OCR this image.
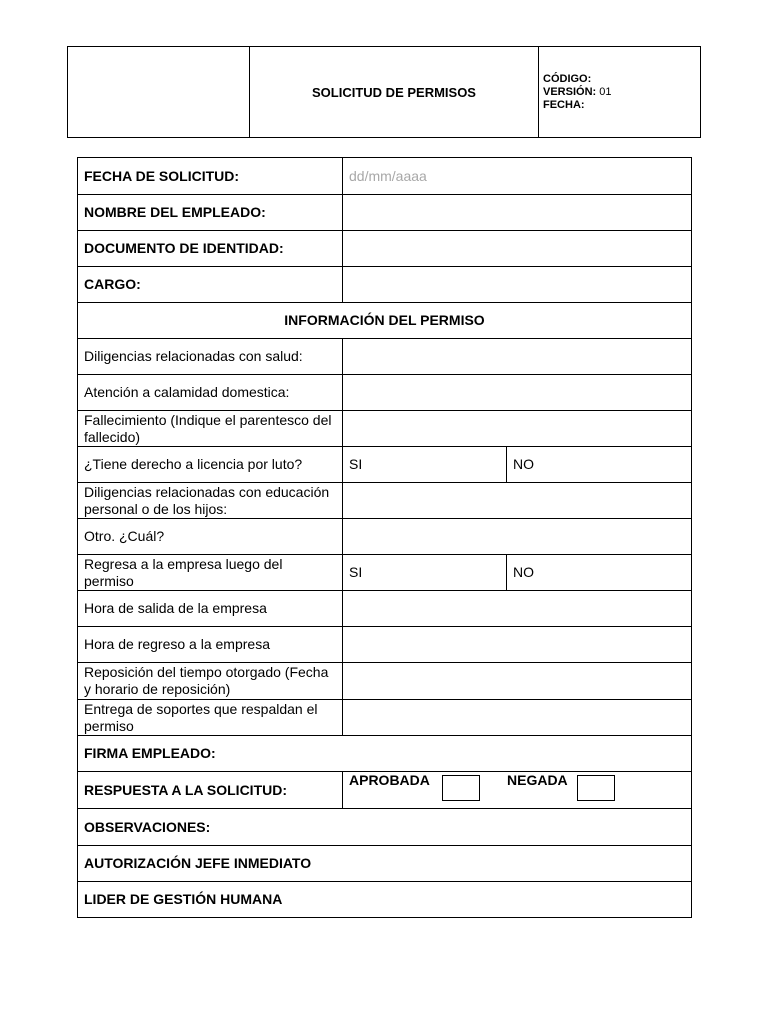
	SOLICITUD DE PERMISOS	
CÓDIGO:
VERSIÓN: 01
FECHA:
FECHA DE SOLICITUD:	dd/mm/aaaa
NOMBRE DEL EMPLEADO:	
DOCUMENTO DE IDENTIDAD:	
CARGO:	
INFORMACIÓN DEL PERMISO		
Diligencias relacionadas con salud:	
Atención a calamidad domestica:	
Fallecimiento (Indique el parentesco del fallecido)	
¿Tiene derecho a licencia por luto?	SI	NO
Diligencias relacionadas con educación personal o de los hijos:	
Otro. ¿Cuál?	
Regresa a la empresa luego del permiso	SI	NO
Hora de salida de la empresa	
Hora de regreso a la empresa	
Reposición del tiempo otorgado (Fecha y horario de reposición)	
Entrega de soportes que respaldan el permiso	
FIRMA EMPLEADO:		
RESPUESTA A LA SOLICITUD:	APROBADA NEGADA	

OBSERVACIONES:		
AUTORIZACIÓN JEFE INMEDIATO		
LIDER DE GESTIÓN HUMANA		
